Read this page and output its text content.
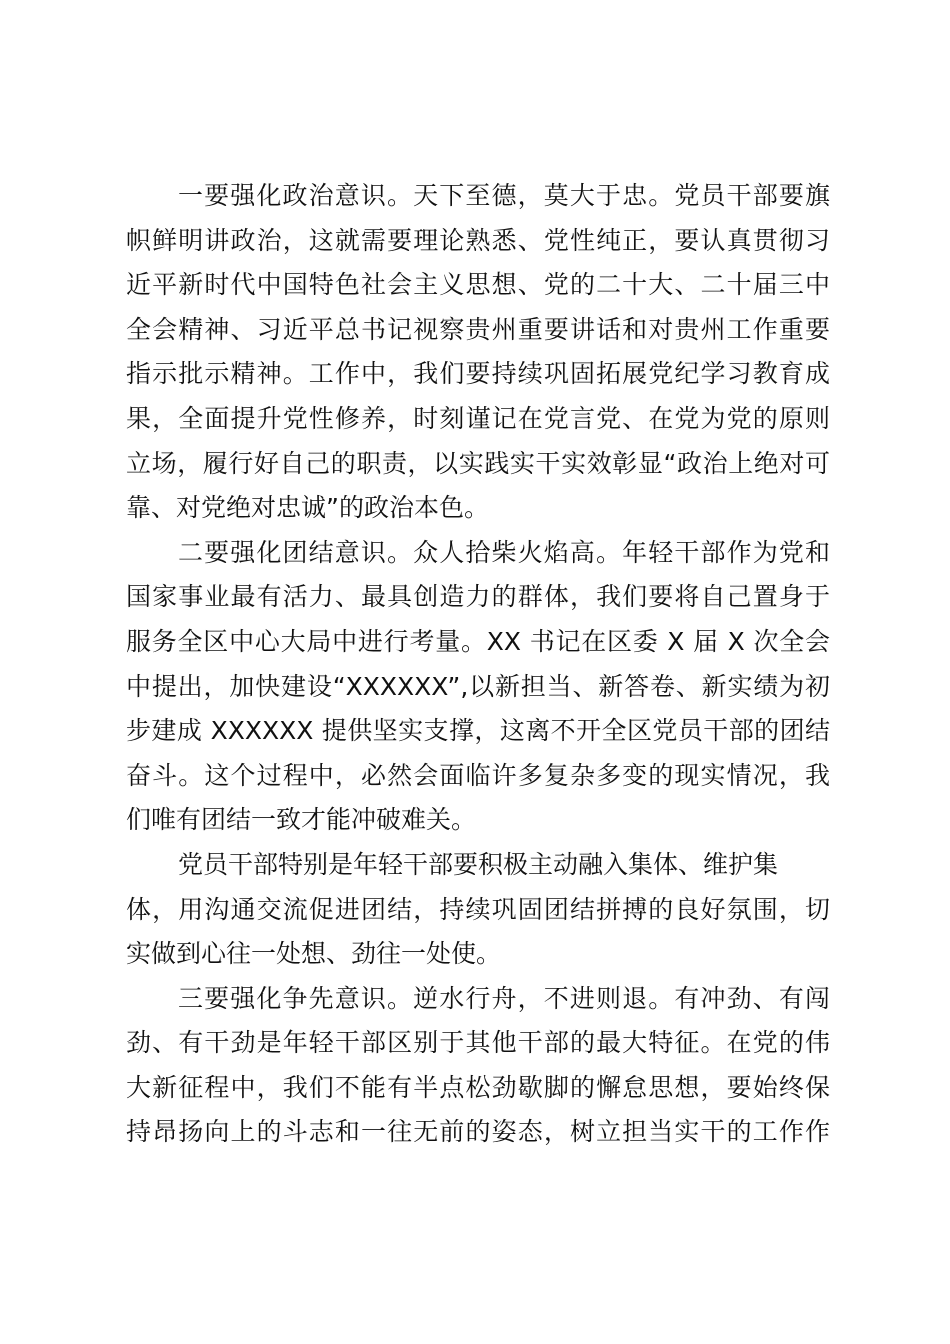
一要强化政治意识。天下至德，莫大于忠。党员干部要旗
帜鲜明讲政治，这就需要理论熟悉、党性纯正，要认真贯彻习
近平新时代中国特色社会主义思想、党的二十大、二十届三中
全会精神、习近平总书记视察贵州重要讲话和对贵州工作重要
指示批示精神。工作中，我们要持续巩固拓展党纪学习教育成
果，全面提升党性修养，时刻谨记在党言党、在党为党的原则
立场，履行好自己的职责，以实践实干实效彰显“政治上绝对可
靠、对党绝对忠诚”的政治本色。
二要强化团结意识。众人拾柴火焰高。年轻干部作为党和
国家事业最有活力、最具创造力的群体，我们要将自己置身于
服务全区中心大局中进行考量。XX 书记在区委 X 届 X 次全会
中提出，加快建设“XXXXXX”,以新担当、新答卷、新实绩为初
步建成 XXXXXX 提供坚实支撑，这离不开全区党员干部的团结
奋斗。这个过程中，必然会面临许多复杂多变的现实情况，我
们唯有团结一致才能冲破难关。
党员干部特别是年轻干部要积极主动融入集体、维护集
体，用沟通交流促进团结，持续巩固团结拼搏的良好氛围，切
实做到心往一处想、劲往一处使。
三要强化争先意识。逆水行舟，不进则退。有冲劲、有闯
劲、有干劲是年轻干部区别于其他干部的最大特征。在党的伟
大新征程中，我们不能有半点松劲歇脚的懈怠思想，要始终保
持昂扬向上的斗志和一往无前的姿态，树立担当实干的工作作
